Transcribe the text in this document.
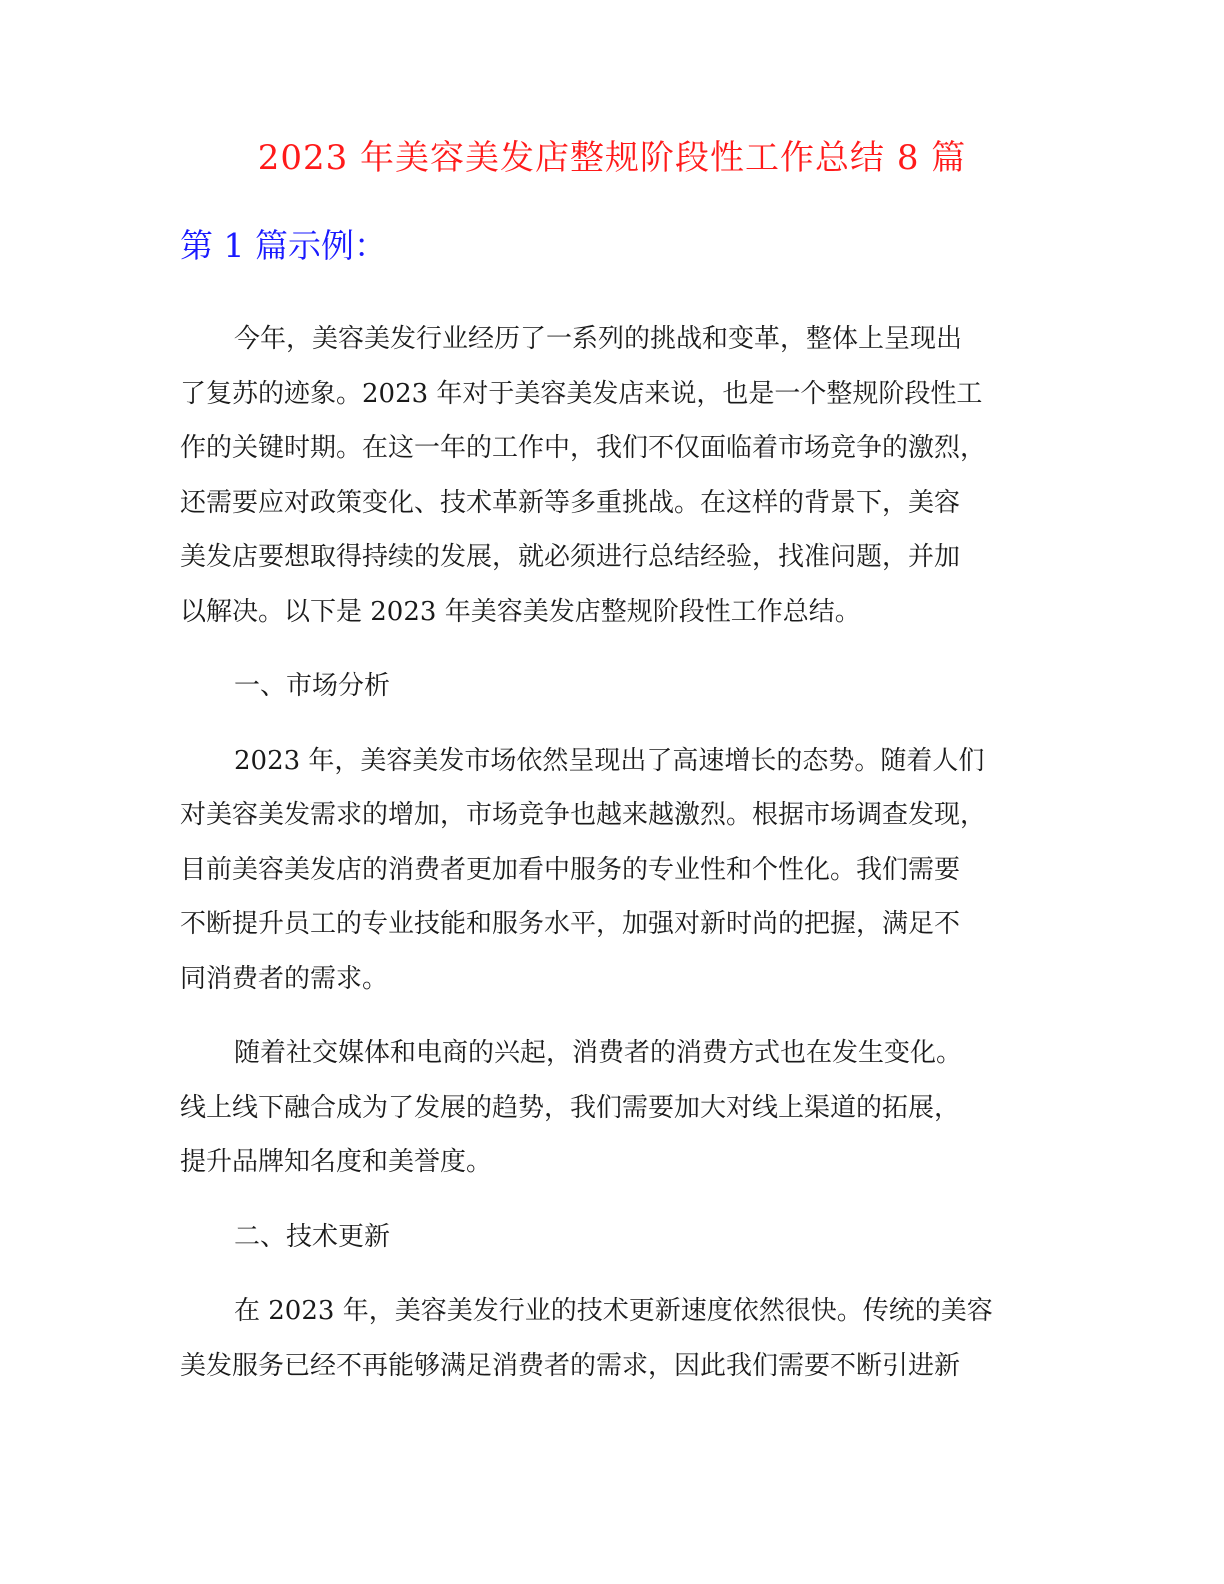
2023 年美容美发店整规阶段性工作总结 8 篇
第 1 篇示例：
今年，美容美发行业经历了一系列的挑战和变革，整体上呈现出
了复苏的迹象。2023 年对于美容美发店来说，也是一个整规阶段性工
作的关键时期。在这一年的工作中，我们不仅面临着市场竞争的激烈，
还需要应对政策变化、技术革新等多重挑战。在这样的背景下，美容
美发店要想取得持续的发展，就必须进行总结经验，找准问题，并加
以解决。以下是 2023 年美容美发店整规阶段性工作总结。
一、市场分析
2023 年，美容美发市场依然呈现出了高速增长的态势。随着人们
对美容美发需求的增加，市场竞争也越来越激烈。根据市场调查发现，
目前美容美发店的消费者更加看中服务的专业性和个性化。我们需要
不断提升员工的专业技能和服务水平，加强对新时尚的把握，满足不
同消费者的需求。
随着社交媒体和电商的兴起，消费者的消费方式也在发生变化。
线上线下融合成为了发展的趋势，我们需要加大对线上渠道的拓展，
提升品牌知名度和美誉度。
二、技术更新
在 2023 年，美容美发行业的技术更新速度依然很快。传统的美容
美发服务已经不再能够满足消费者的需求，因此我们需要不断引进新
